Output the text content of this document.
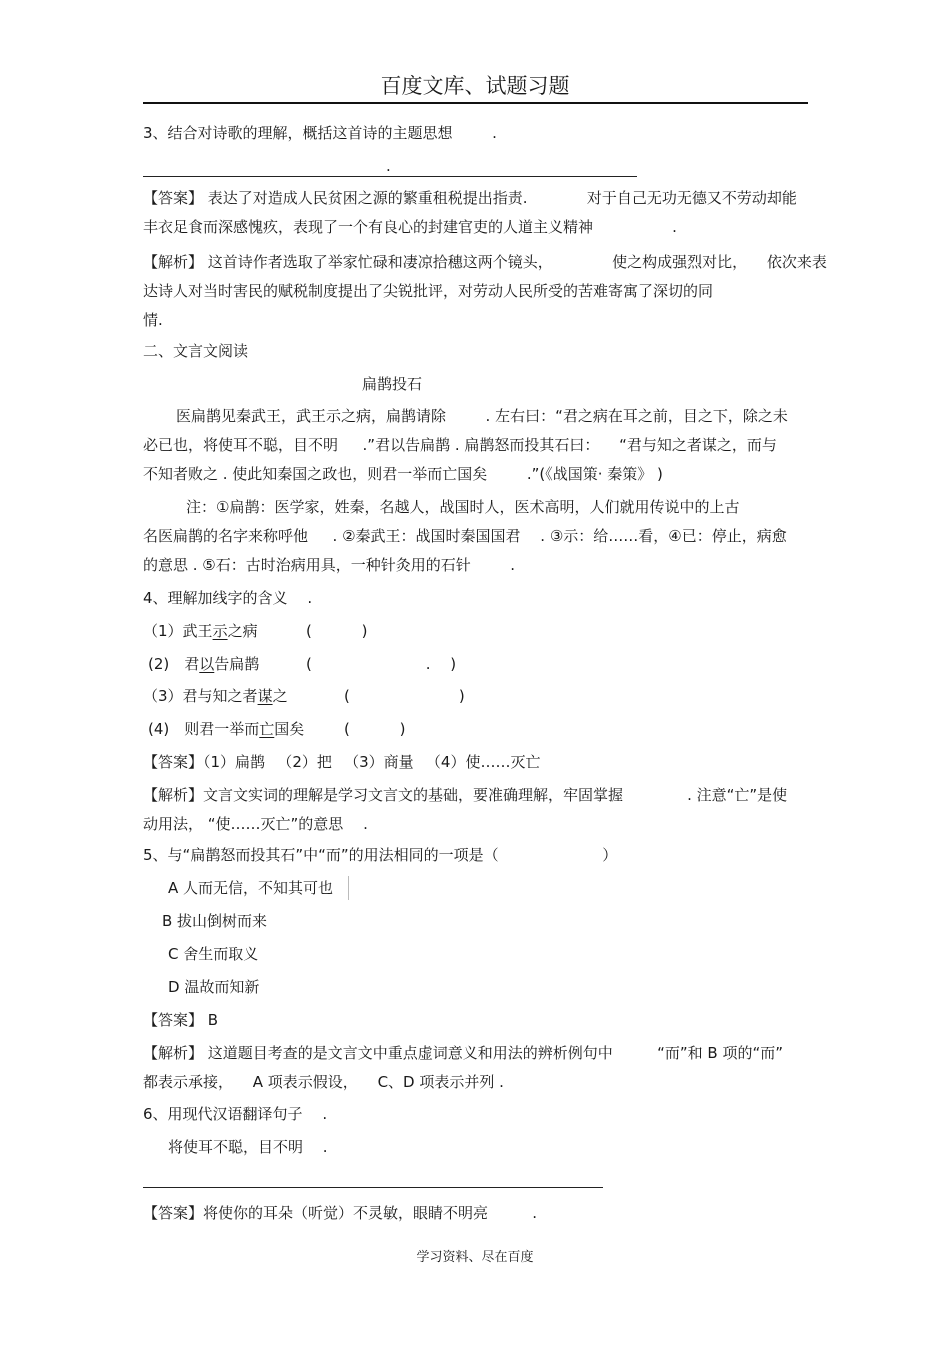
百度文库、试题习题
3、结合对诗歌的理解，概括这首诗的主题思想 　 　.
.
【答案】 表达了对造成人民贫困之源的繁重租税提出指责. 　 　 　对于自己无功无德又不劳动却能
丰衣足食而深感愧疚，表现了一个有良心的封建官吏的人道主义精神 　 　 　 　.
【解析】 这首诗作者选取了举家忙碌和凄凉拾穗这两个镜头， 　 　 　使之构成强烈对比， 　依次来表
达诗人对当时害民的赋税制度提出了尖锐批评，对劳动人民所受的苦难寄寓了深切的同
情.
二、文言文阅读
扁鹊投石
医扁鹊见秦武王，武王示之病，扁鹊请除 　 　. 左右曰：“君之病在耳之前，目之下，除之未
必已也，将使耳不聪，目不明 　 .”君以告扁鹊 . 扁鹊怒而投其石曰： 　“君与知之者谋之，而与
不知者败之 . 使此知秦国之政也，则君一举而亡国矣 　 　.”(《战国策· 秦策》 )
注：①扁鹊：医学家，姓秦，名越人，战国时人，医术高明，人们就用传说中的上古
名医扁鹊的名字来称呼他 　 . ②秦武王：战国时秦国国君 　. ③示：给……看，④已：停止，病愈
的意思 . ⑤石：古时治病用具，一种针灸用的石针 　 　.
4、理解加线字的含义 　.
（1）武王示之病	(　 　　)
(2)　君以告扁鹊	(　 　 　 　 　 　.　 )
（3）君与知之者谋之	(　 　 　 　 　　)
(4)　则君一举而亡国矣	(　 　　)
【答案】（1）扁鹊 　（2）把 　（3）商量 　（4）使……灭亡
【解析】文言文实词的理解是学习文言文的基础，要准确理解，牢固掌握 　 　 　 . 注意“亡”是使
动用法， “使……灭亡”的意思 　.
5、与“扁鹊怒而投其石”中“而”的用法相同的一项是（ 　 　 　 　 　 ）
A 人而无信，不知其可也
B 拔山倒树而来
C 舍生而取义
D 温故而知新
【答案】 B
【解析】 这道题目考查的是文言文中重点虚词意义和用法的辨析例句中 　 　 “而”和 B 项的“而”
都表示承接， 　A 项表示假设， 　C、D 项表示并列 .
6、用现代汉语翻译句子 　.
将使耳不聪，目不明 　.
【答案】将使你的耳朵（听觉）不灵敏，眼睛不明亮 　 　 .
学习资料、尽在百度
